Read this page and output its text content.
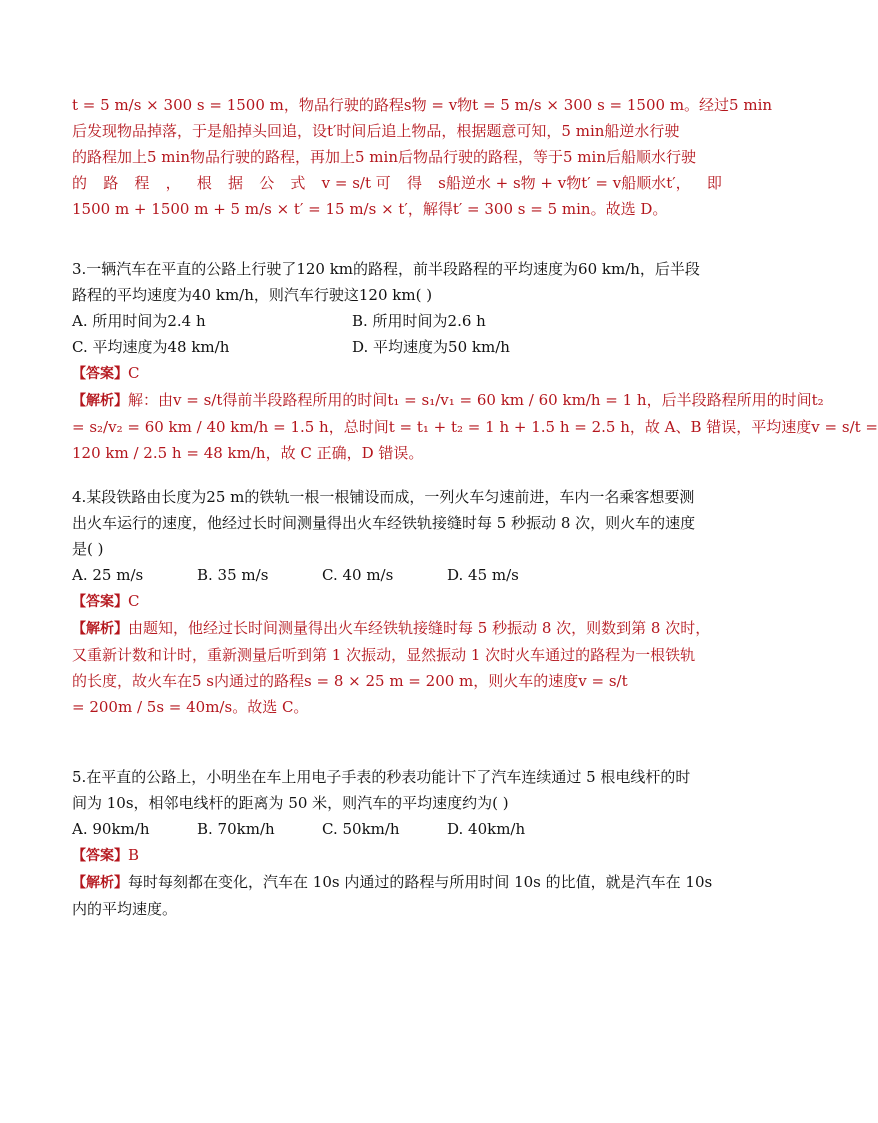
t = 5 m/s × 300 s = 1500 m，物品行驶的路程s物 = v物t = 5 m/s × 300 s = 1500 m。经过5 min
后发现物品掉落，于是船掉头回追，设t′时间后追上物品，根据题意可知，5 min船逆水行驶
的路程加上5 min物品行驶的路程，再加上5 min后物品行驶的路程，等于5 min后船顺水行驶
的 路 程 ， 根 据 公 式 v = s/t 可 得 s船逆水 + s物 + v物t′ = v船顺水t′， 即
1500 m + 1500 m + 5 m/s × t′ = 15 m/s × t′，解得t′ = 300 s = 5 min。故选 D。
3.一辆汽车在平直的公路上行驶了120 km的路程，前半段路程的平均速度为60 km/h，后半段
路程的平均速度为40 km/h，则汽车行驶这120 km( )
A. 所用时间为2.4 h	B. 所用时间为2.6 h
C. 平均速度为48 km/h	D. 平均速度为50 km/h
【答案】C
【解析】解：由v = s/t得前半段路程所用的时间t₁ = s₁/v₁ = 60 km / 60 km/h = 1 h，后半段路程所用的时间t₂
= s₂/v₂ = 60 km / 40 km/h = 1.5 h，总时间t = t₁ + t₂ = 1 h + 1.5 h = 2.5 h，故 A、B 错误，平均速度v = s/t =
120 km / 2.5 h = 48 km/h，故 C 正确，D 错误。
4.某段铁路由长度为25 m的铁轨一根一根铺设而成，一列火车匀速前进，车内一名乘客想要测
出火车运行的速度，他经过长时间测量得出火车经铁轨接缝时每 5 秒振动 8 次，则火车的速度
是( )
A. 25 m/s	B. 35 m/s	C. 40 m/s	D. 45 m/s
【答案】C
【解析】由题知，他经过长时间测量得出火车经铁轨接缝时每 5 秒振动 8 次，则数到第 8 次时，
又重新计数和计时，重新测量后听到第 1 次振动，显然振动 1 次时火车通过的路程为一根铁轨
的长度，故火车在5 s内通过的路程s = 8 × 25 m = 200 m，则火车的速度v = s/t
= 200m / 5s = 40m/s。故选 C。
5.在平直的公路上，小明坐在车上用电子手表的秒表功能计下了汽车连续通过 5 根电线杆的时
间为 10s，相邻电线杆的距离为 50 米，则汽车的平均速度约为( )
A. 90km/h	B. 70km/h	C. 50km/h	D. 40km/h
【答案】B
【解析】每时每刻都在变化，汽车在 10s 内通过的路程与所用时间 10s 的比值，就是汽车在 10s
内的平均速度。
